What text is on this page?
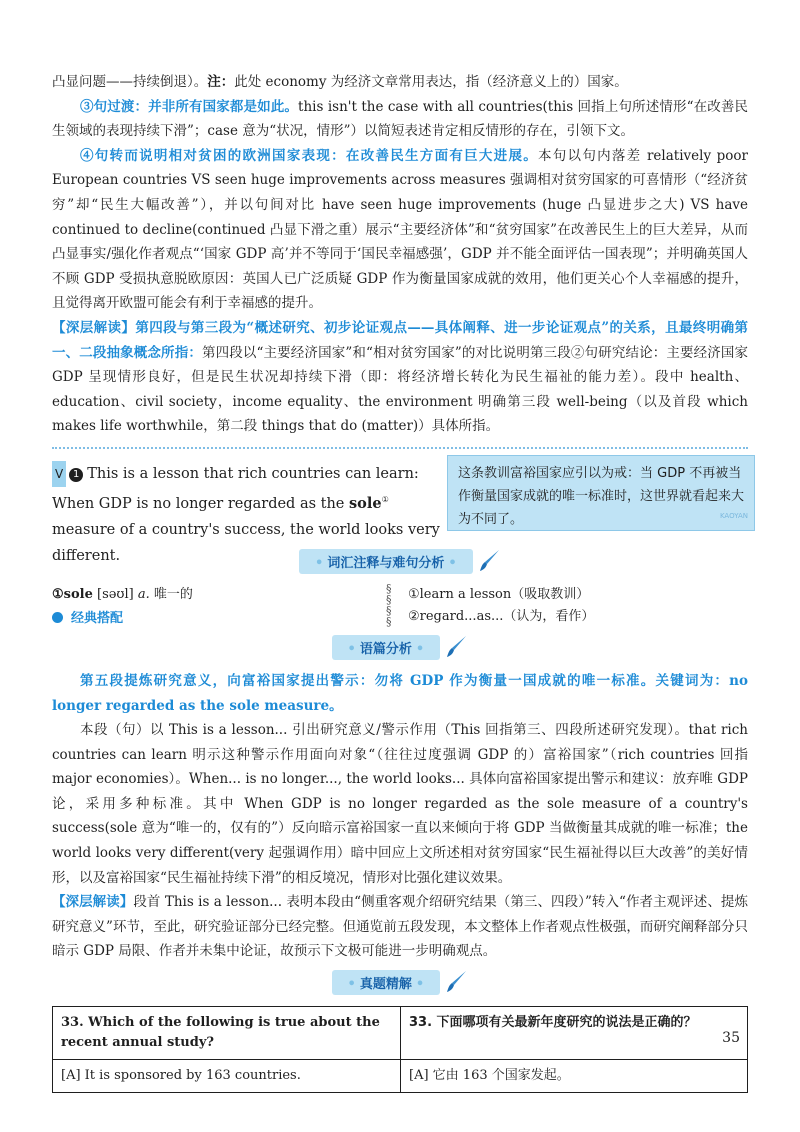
凸显问题——持续倒退）。注：此处 economy 为经济文章常用表达，指（经济意义上的）国家。

③句过渡：并非所有国家都是如此。this isn't the case with all countries(this 回指上句所述情形“在改善民生领域的表现持续下滑”；case 意为“状况，情形”）以简短表述肯定相反情形的存在，引领下文。

④句转而说明相对贫困的欧洲国家表现：在改善民生方面有巨大进展。本句以句内落差 relatively poor European countries VS seen huge improvements across measures 强调相对贫穷国家的可喜情形（“经济贫穷”却“民生大幅改善”），并以句间对比 have seen huge improvements (huge 凸显进步之大) VS have continued to decline(continued 凸显下滑之重）展示“主要经济体”和“贫穷国家”在改善民生上的巨大差异，从而凸显事实/强化作者观点“‘国家 GDP 高’并不等同于‘国民幸福感强’，GDP 并不能全面评估一国表现”；并明确英国人不顾 GDP 受损执意脱欧原因：英国人已广泛质疑 GDP 作为衡量国家成就的效用，他们更关心个人幸福感的提升，且觉得离开欧盟可能会有利于幸福感的提升。

【深层解读】第四段与第三段为“概述研究、初步论证观点——具体阐释、进一步论证观点”的关系，且最终明确第一、二段抽象概念所指：第四段以“主要经济国家”和“相对贫穷国家”的对比说明第三段②句研究结论：主要经济国家 GDP 呈现情形良好，但是民生状况却持续下滑（即：将经济增长转化为民生福祉的能力差）。段中 health、education、civil society，income equality、the environment 明确第三段 well-being（以及首段 which makes life worthwhile，第二段 things that do (matter)）具体所指。

V 1 This is a lesson that rich countries can learn: When GDP is no longer regarded as the sole① measure of a country's success, the world looks very different.
这条教训富裕国家应引以为戒：当 GDP 不再被当作衡量国家成就的唯一标准时，这世界就看起来大为不同了。	KAOYAN
• 词汇注释与难句分析 •
①sole [səʊl] a. 唯一的
经典搭配
§
§
§
§
①learn a lesson（吸取教训）
②regard...as...（认为，看作）
• 语篇分析 •

第五段提炼研究意义，向富裕国家提出警示：勿将 GDP 作为衡量一国成就的唯一标准。关键词为：no longer regarded as the sole measure。

本段（句）以 This is a lesson... 引出研究意义/警示作用（This 回指第三、四段所述研究发现）。that rich countries can learn 明示这种警示作用面向对象“（往往过度强调 GDP 的）富裕国家”（rich countries 回指 major economies）。When... is no longer..., the world looks... 具体向富裕国家提出警示和建议：放弃唯 GDP 论，采用多种标准。其中 When GDP is no longer regarded as the sole measure of a country's success(sole 意为“唯一的，仅有的”）反向暗示富裕国家一直以来倾向于将 GDP 当做衡量其成就的唯一标准；the world looks very different(very 起强调作用）暗中回应上文所述相对贫穷国家“民生福祉得以巨大改善”的美好情形，以及富裕国家“民生福祉持续下滑”的相反境况，情形对比强化建议效果。

【深层解读】段首 This is a lesson... 表明本段由“侧重客观介绍研究结果（第三、四段）”转入“作者主观评述、提炼研究意义”环节，至此，研究验证部分已经完整。但通览前五段发现，本文整体上作者观点性极强，而研究阐释部分只暗示 GDP 局限、作者并未集中论证，故预示下文极可能进一步明确观点。

• 真题精解 •
33. Which of the following is true about the recent annual study?	33. 下面哪项有关最新年度研究的说法是正确的？
[A] It is sponsored by 163 countries.	[A] 它由 163 个国家发起。
35
